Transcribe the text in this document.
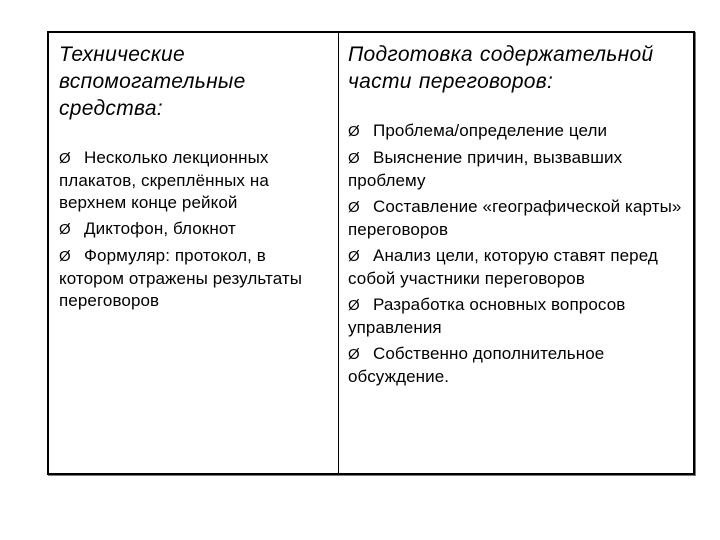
Технические вспомогательные средства:
Ø Несколько лекционных плакатов, скреплённых на верхнем конце рейкой
Ø Диктофон, блокнот
Ø Формуляр: протокол, в котором отражены результаты переговоров
Подготовка содержательной части переговоров:
Ø Проблема/определение цели
Ø Выяснение причин, вызвавших проблему
Ø Составление «географической карты» переговоров
Ø Анализ цели, которую ставят перед собой участники переговоров
Ø Разработка основных вопросов управления
Ø Собственно дополнительное обсуждение.
